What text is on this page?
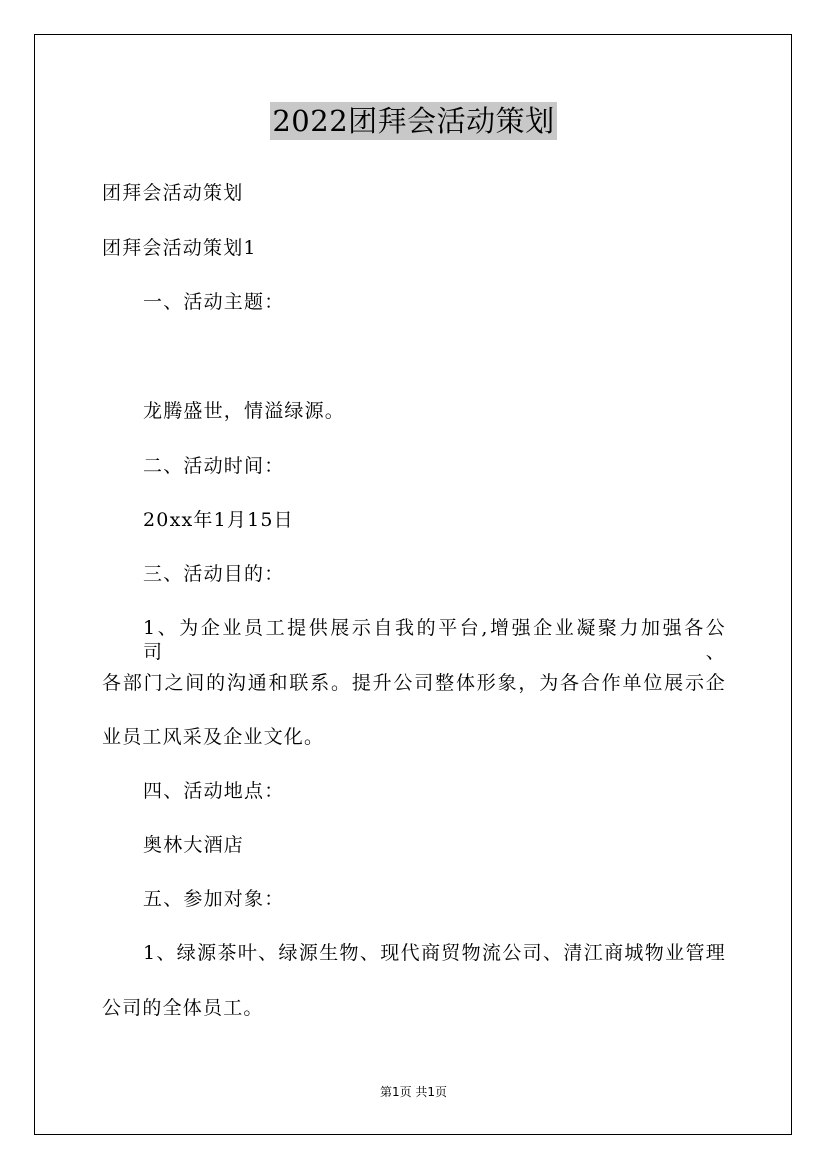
2022团拜会活动策划
团拜会活动策划
团拜会活动策划1
一、活动主题：
龙腾盛世，情溢绿源。
二、活动时间：
20xx年1月15日
三、活动目的：
1、为企业员工提供展示自我的平台,增强企业凝聚力加强各公司、
各部门之间的沟通和联系。提升公司整体形象，为各合作单位展示企
业员工风采及企业文化。
四、活动地点：
奥林大酒店
五、参加对象：
1、绿源茶叶、绿源生物、现代商贸物流公司、清江商城物业管理
公司的全体员工。
第1页 共1页
